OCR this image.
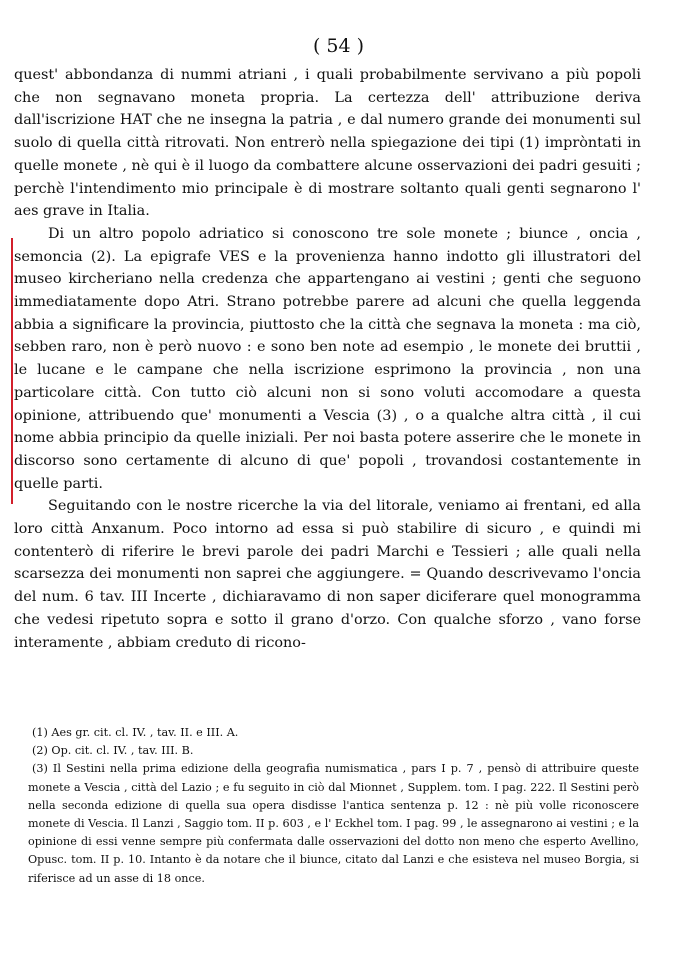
( 54 )

quest' abbondanza di nummi atriani , i quali probabilmente servivano a più popoli che non segnavano moneta propria. La certezza dell' attribuzione deriva dall'iscrizione HAT che ne insegna la patria , e dal numero grande dei monumenti sul suolo di quella città ritrovati. Non entrerò nella spiegazione dei tipi (1) impròntati in quelle monete , nè qui è il luogo da combattere alcune osservazioni dei padri gesuiti ; perchè l'intendimento mio principale è di mostrare soltanto quali genti segnarono l' aes grave in Italia.

Di un altro popolo adriatico si conoscono tre sole monete ; biunce , oncia , semoncia (2). La epigrafe VES e la provenienza hanno indotto gli illustratori del museo kircheriano nella credenza che appartengano ai vestini ; genti che seguono immediatamente dopo Atri. Strano potrebbe parere ad alcuni che quella leggenda abbia a significare la provincia, piuttosto che la città che segnava la moneta : ma ciò, sebben raro, non è però nuovo : e sono ben note ad esempio , le monete dei bruttii , le lucane e le campane che nella iscrizione esprimono la provincia , non una particolare città. Con tutto ciò alcuni non si sono voluti accomodare a questa opinione, attribuendo que' monumenti a Vescia (3) , o a qualche altra città , il cui nome abbia principio da quelle iniziali. Per noi basta potere asserire che le monete in discorso sono certamente di alcuno di que' popoli , trovandosi costantemente in quelle parti.

Seguitando con le nostre ricerche la via del litorale, veniamo ai frentani, ed alla loro città Anxanum. Poco intorno ad essa si può stabilire di sicuro , e quindi mi contenterò di riferire le brevi parole dei padri Marchi e Tessieri ; alle quali nella scarsezza dei monumenti non saprei che aggiungere. = Quando descrivevamo l'oncia del num. 6 tav. III Incerte , dichiaravamo di non saper diciferare quel monogramma che vedesi ripetuto sopra e sotto il grano d'orzo. Con qualche sforzo , vano forse interamente , abbiam creduto di ricono-

(1) Aes gr. cit. cl. IV. , tav. II. e III. A.

(2) Op. cit. cl. IV. , tav. III. B.

(3) Il Sestini nella prima edizione della geografia numismatica , pars I p. 7 , pensò di attribuire queste monete a Vescia , città del Lazio ; e fu seguito in ciò dal Mionnet , Supplem. tom. I pag. 222. Il Sestini però nella seconda edizione di quella sua opera disdisse l'antica sentenza p. 12 : nè più volle riconoscere monete di Vescia. Il Lanzi , Saggio tom. II p. 603 , e l' Eckhel tom. I pag. 99 , le assegnarono ai vestini ; e la opinione di essi venne sempre più confermata dalle osservazioni del dotto non meno che esperto Avellino, Opusc. tom. II p. 10. Intanto è da notare che il biunce, citato dal Lanzi e che esisteva nel museo Borgia, si riferisce ad un asse di 18 once.
